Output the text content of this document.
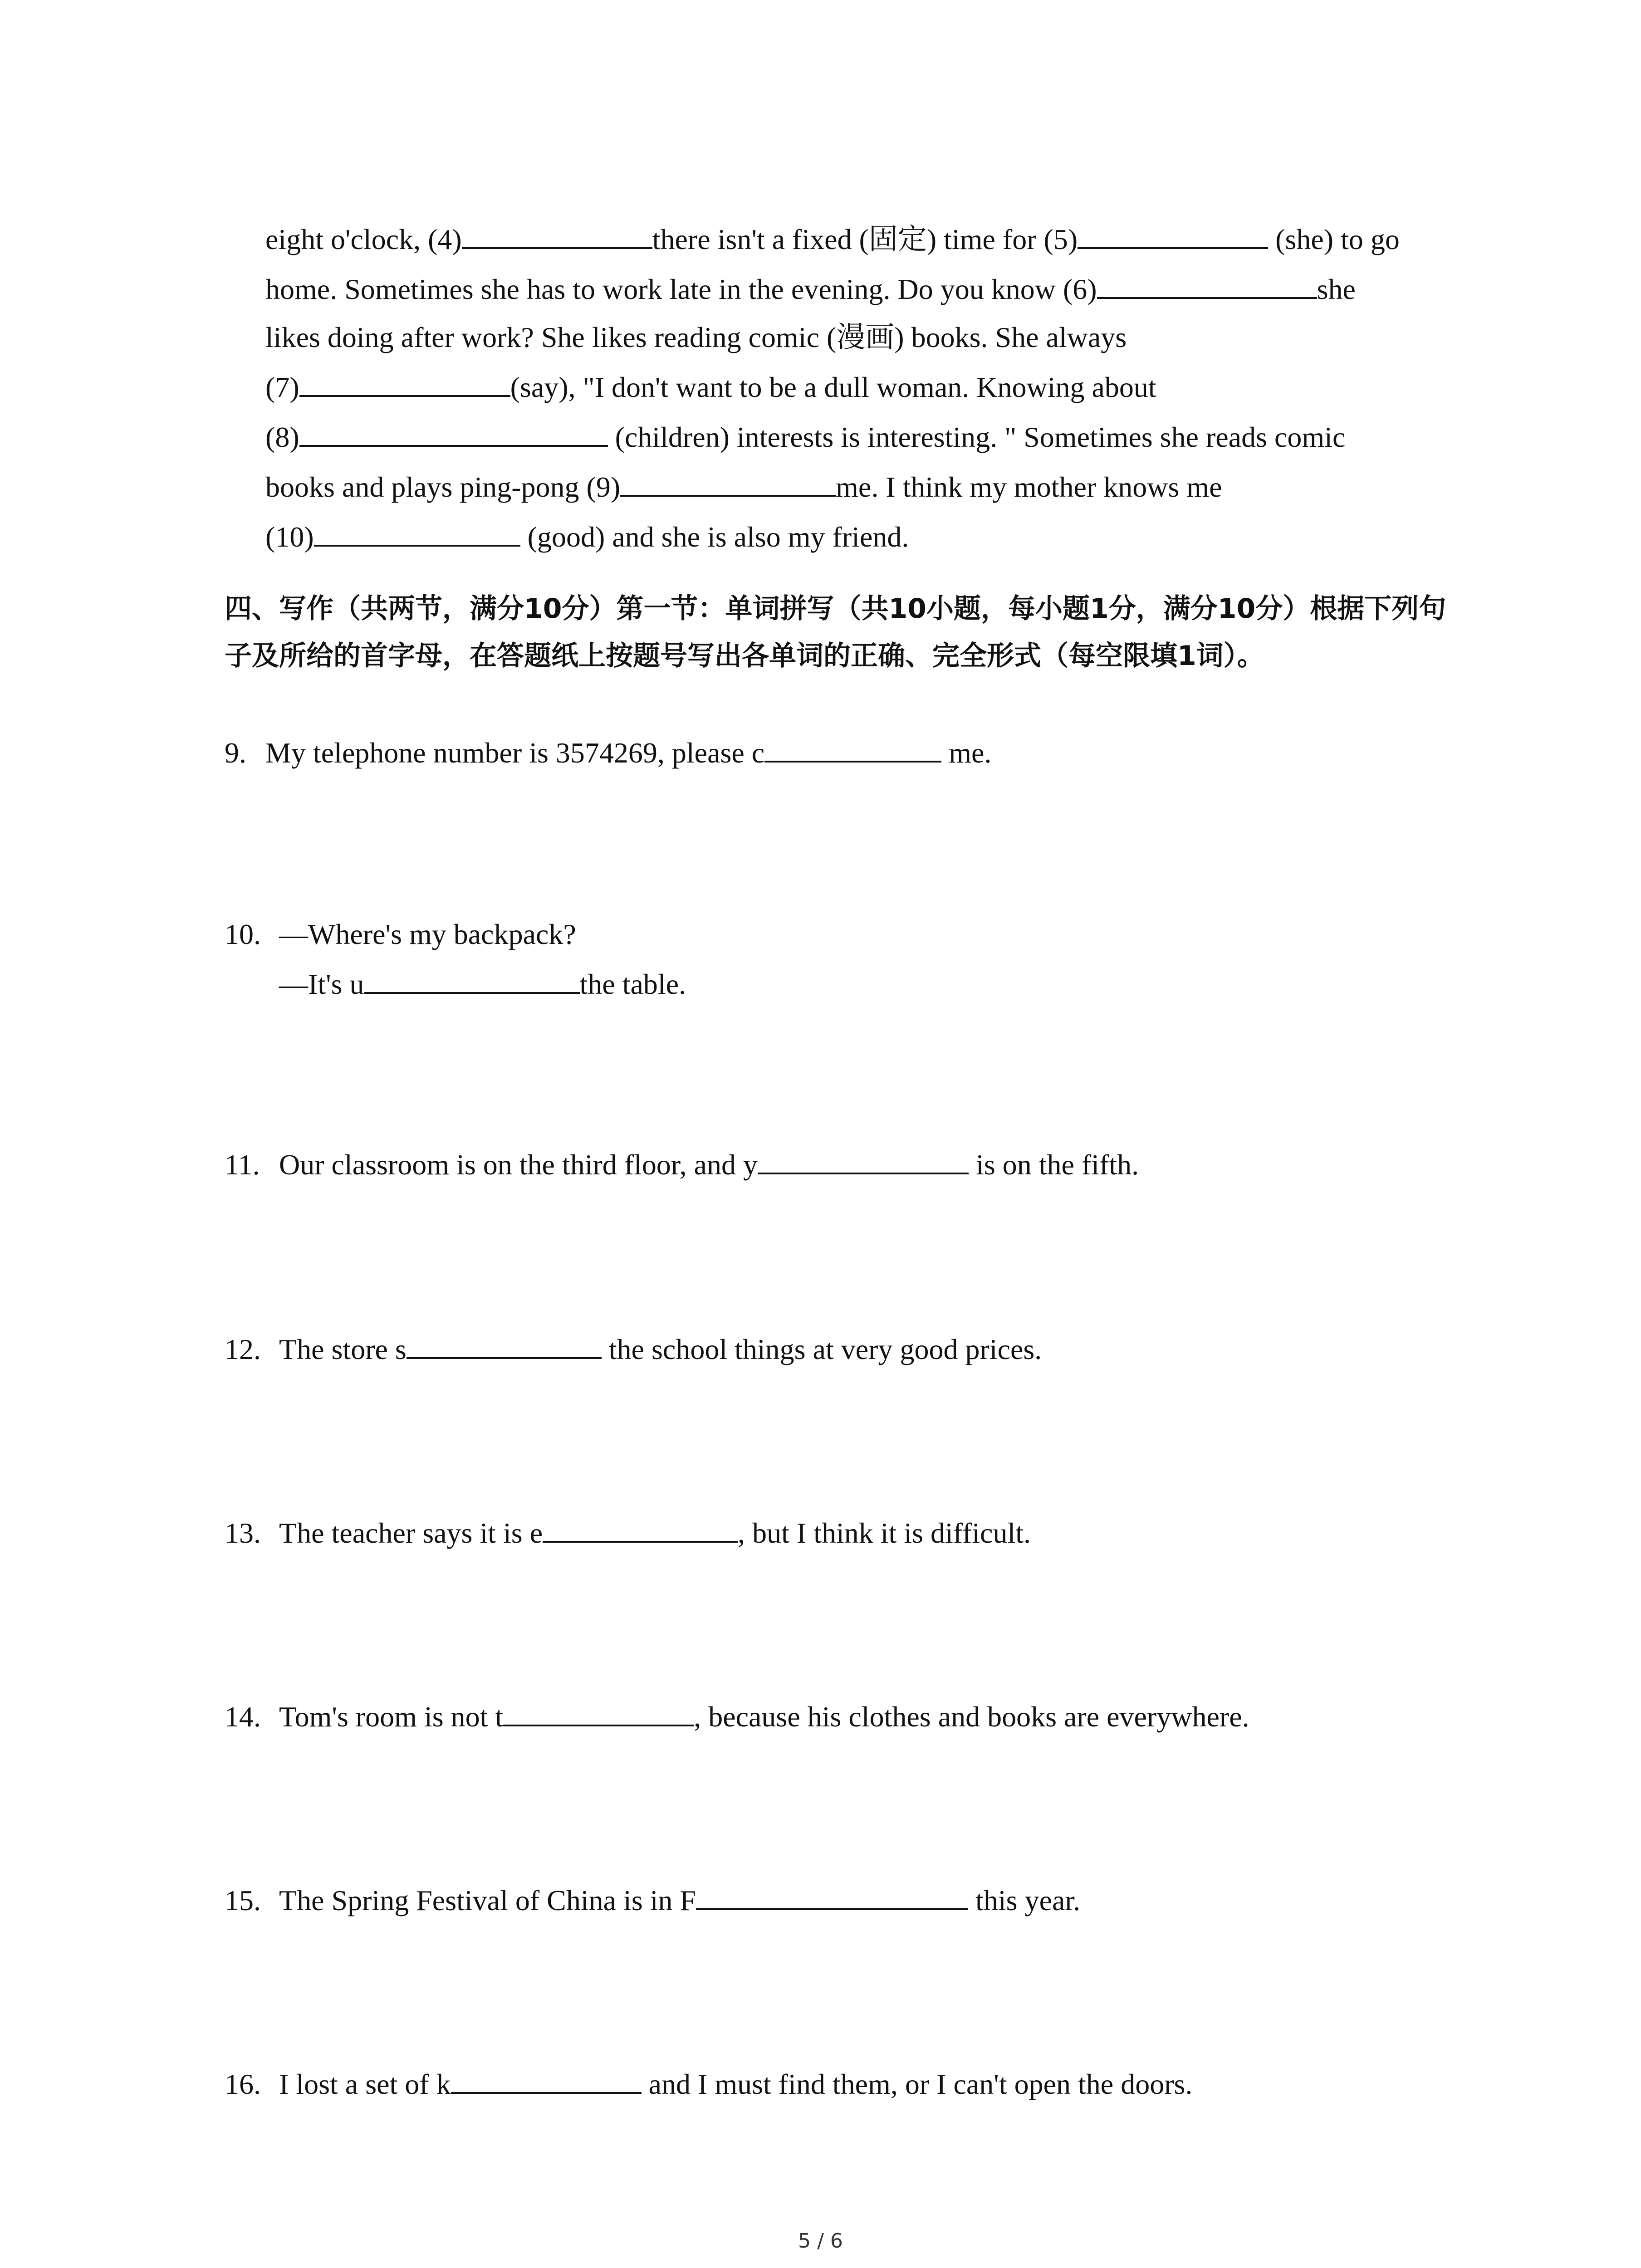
eight o'clock, (4)	there isn't a fixed (固定) time for (5)	(she) to go
home. Sometimes she has to work late in the evening. Do you know (6)	she
likes doing after work? She likes reading comic (漫画) books. She always
(7)	(say), "I don't want to be a dull woman. Knowing about
(8)	(children) interests is interesting. " Sometimes she reads comic
books and plays ping-pong (9)	me. I think my mother knows me
(10)	(good) and she is also my friend.
四、写作（共两节，满分10分）第一节：单词拼写（共10小题，每小题1分，满分10分）根据下列句子及所给的首字母，在答题纸上按题号写出各单词的正确、完全形式（每空限填1词）。
9. My telephone number is 3574269, please c	me.
10. —Where's my backpack?
—It's u	the table.
11. Our classroom is on the third floor, and y	is on the fifth.
12. The store s	the school things at very good prices.
13. The teacher says it is e	, but I think it is difficult.
14. Tom's room is not t	, because his clothes and books are everywhere.
15. The Spring Festival of China is in F	this year.
16. I lost a set of k	and I must find them, or I can't open the doors.
5 / 6
